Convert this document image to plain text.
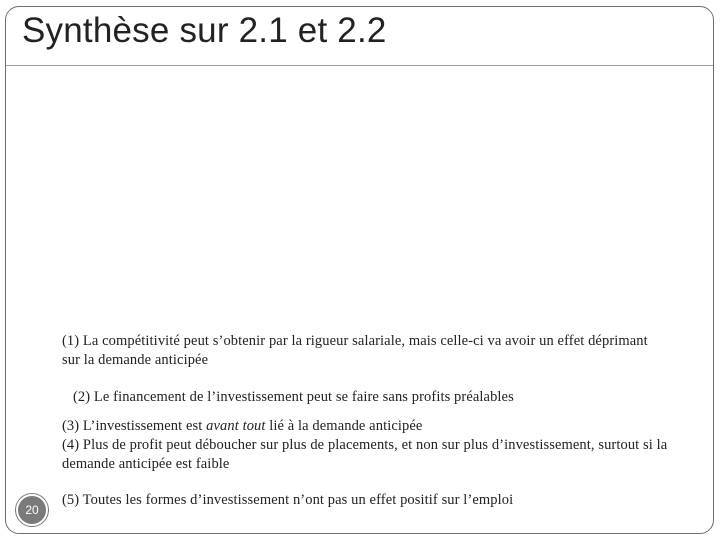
Synthèse sur 2.1 et 2.2

(1) La compétitivité peut s’obtenir par la rigueur salariale, mais celle-ci va avoir un effet déprimant sur la demande anticipée

(2) Le financement de l’investissement peut se faire sans profits préalables

(3) L’investissement est avant tout lié à la demande anticipée

(4) Plus de profit peut déboucher sur plus de placements, et non sur plus d’investissement, surtout si la demande anticipée est faible

(5) Toutes les formes d’investissement n’ont pas un effet positif sur l’emploi

20
